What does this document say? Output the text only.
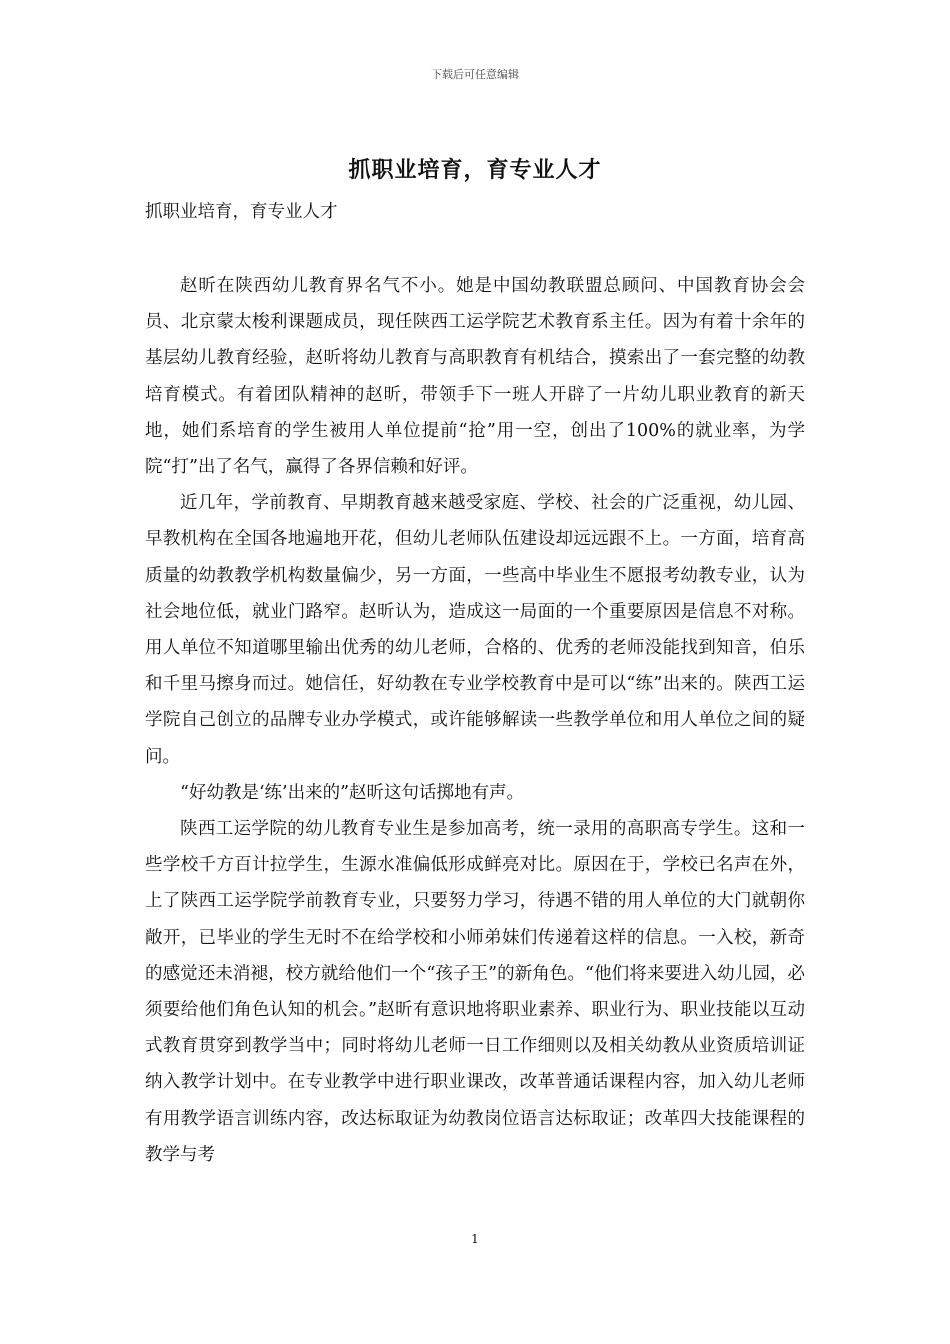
下载后可任意编辑
抓职业培育，育专业人才
抓职业培育，育专业人才

赵昕在陕西幼儿教育界名气不小。她是中国幼教联盟总顾问、中国教育协会会员、北京蒙太梭利课题成员，现任陕西工运学院艺术教育系主任。因为有着十余年的基层幼儿教育经验，赵昕将幼儿教育与高职教育有机结合，摸索出了一套完整的幼教培育模式。有着团队精神的赵昕，带领手下一班人开辟了一片幼儿职业教育的新天地，她们系培育的学生被用人单位提前“抢”用一空，创出了100%的就业率，为学院“打”出了名气，赢得了各界信赖和好评。

近几年，学前教育、早期教育越来越受家庭、学校、社会的广泛重视，幼儿园、早教机构在全国各地遍地开花，但幼儿老师队伍建设却远远跟不上。一方面，培育高质量的幼教教学机构数量偏少，另一方面，一些高中毕业生不愿报考幼教专业，认为社会地位低，就业门路窄。赵昕认为，造成这一局面的一个重要原因是信息不对称。用人单位不知道哪里输出优秀的幼儿老师，合格的、优秀的老师没能找到知音，伯乐和千里马擦身而过。她信任，好幼教在专业学校教育中是可以“练”出来的。陕西工运学院自己创立的品牌专业办学模式，或许能够解读一些教学单位和用人单位之间的疑问。

“好幼教是‘练’出来的”赵昕这句话掷地有声。

陕西工运学院的幼儿教育专业生是参加高考，统一录用的高职高专学生。这和一些学校千方百计拉学生，生源水准偏低形成鲜亮对比。原因在于，学校已名声在外，上了陕西工运学院学前教育专业，只要努力学习，待遇不错的用人单位的大门就朝你敞开，已毕业的学生无时不在给学校和小师弟妹们传递着这样的信息。一入校，新奇的感觉还未消褪，校方就给他们一个“孩子王”的新角色。“他们将来要进入幼儿园，必须要给他们角色认知的机会。”赵昕有意识地将职业素养、职业行为、职业技能以互动式教育贯穿到教学当中；同时将幼儿老师一日工作细则以及相关幼教从业资质培训证纳入教学计划中。在专业教学中进行职业课改，改革普通话课程内容，加入幼儿老师有用教学语言训练内容，改达标取证为幼教岗位语言达标取证；改革四大技能课程的教学与考

1
